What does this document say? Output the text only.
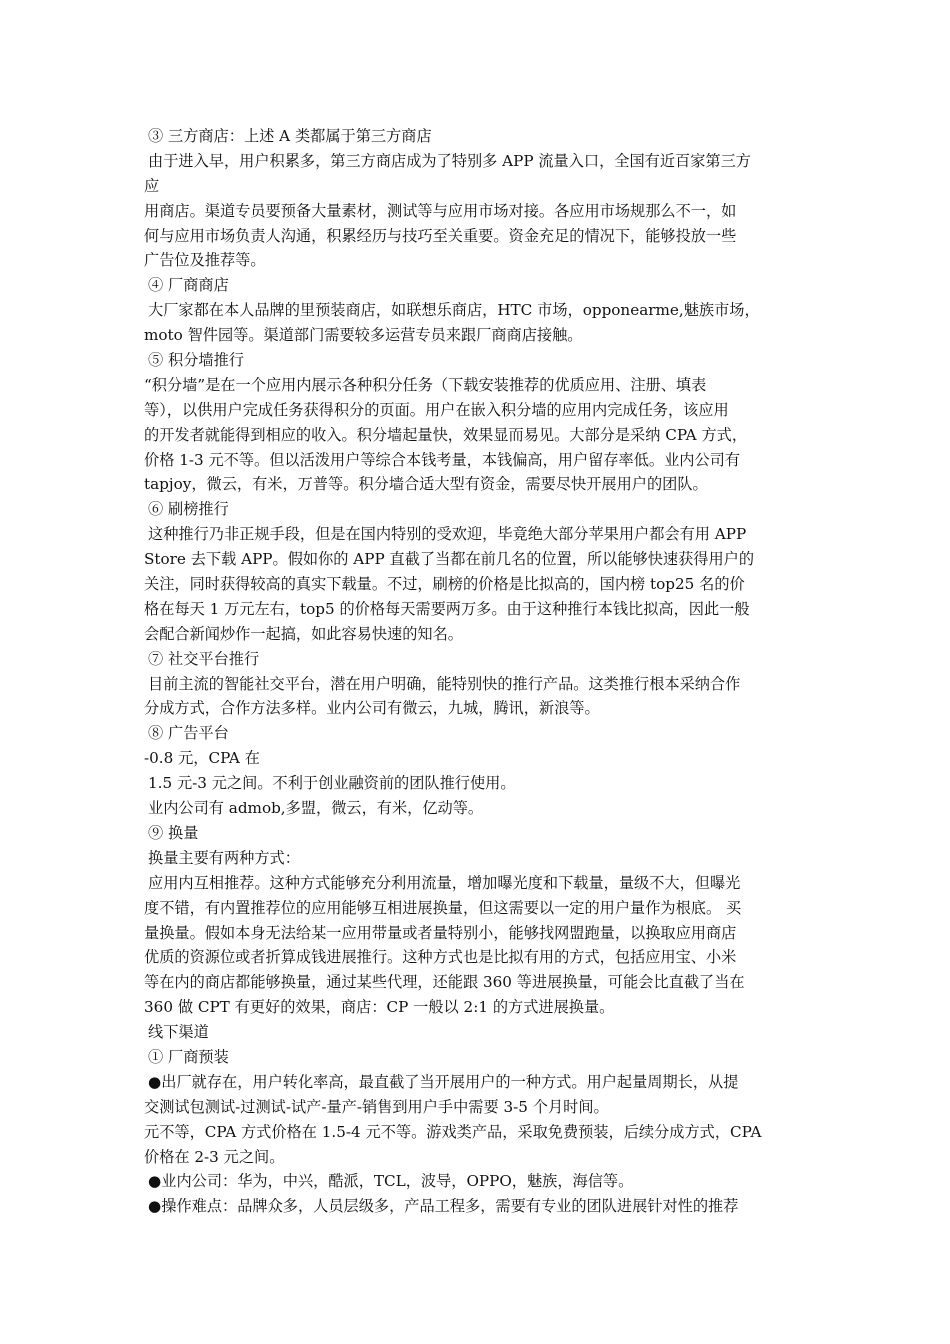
③ 三方商店：上述 A 类都属于第三方商店
由于进入早，用户积累多，第三方商店成为了特别多 APP 流量入口，全国有近百家第三方
应
用商店。渠道专员要预备大量素材，测试等与应用市场对接。各应用市场规那么不一，如
何与应用市场负责人沟通，积累经历与技巧至关重要。资金充足的情况下，能够投放一些
广告位及推荐等。
④ 厂商商店
大厂家都在本人品牌的里预装商店，如联想乐商店，HTC 市场，opponearme,魅族市场，
moto 智件园等。渠道部门需要较多运营专员来跟厂商商店接触。
⑤ 积分墙推行
“积分墙”是在一个应用内展示各种积分任务（下载安装推荐的优质应用、注册、填表
等），以供用户完成任务获得积分的页面。用户在嵌入积分墙的应用内完成任务，该应用
的开发者就能得到相应的收入。积分墙起量快，效果显而易见。大部分是采纳 CPA 方式，
价格 1-3 元不等。但以活泼用户等综合本钱考量，本钱偏高，用户留存率低。业内公司有
tapjoy，微云，有米，万普等。积分墙合适大型有资金，需要尽快开展用户的团队。
⑥ 刷榜推行
这种推行乃非正规手段，但是在国内特别的受欢迎，毕竟绝大部分苹果用户都会有用 APP
Store 去下载 APP。假如你的 APP 直截了当都在前几名的位置，所以能够快速获得用户的
关注，同时获得较高的真实下载量。不过，刷榜的价格是比拟高的，国内榜 top25 名的价
格在每天 1 万元左右，top5 的价格每天需要两万多。由于这种推行本钱比拟高，因此一般
会配合新闻炒作一起搞，如此容易快速的知名。
⑦ 社交平台推行
目前主流的智能社交平台，潜在用户明确，能特别快的推行产品。这类推行根本采纳合作
分成方式，合作方法多样。业内公司有微云，九城，腾讯，新浪等。
⑧ 广告平台
-0.8 元，CPA 在
1.5 元-3 元之间。不利于创业融资前的团队推行使用。
业内公司有 admob,多盟，微云，有米，亿动等。
⑨ 换量
换量主要有两种方式：
应用内互相推荐。这种方式能够充分利用流量，增加曝光度和下载量，量级不大，但曝光
度不错，有内置推荐位的应用能够互相进展换量，但这需要以一定的用户量作为根底。 买
量换量。假如本身无法给某一应用带量或者量特别小，能够找网盟跑量，以换取应用商店
优质的资源位或者折算成钱进展推行。这种方式也是比拟有用的方式，包括应用宝、小米
等在内的商店都能够换量，通过某些代理，还能跟 360 等进展换量，可能会比直截了当在
360 做 CPT 有更好的效果，商店：CP 一般以 2:1 的方式进展换量。
线下渠道
① 厂商预装
●出厂就存在，用户转化率高，最直截了当开展用户的一种方式。用户起量周期长，从提
交测试包测试-过测试-试产-量产-销售到用户手中需要 3-5 个月时间。
元不等，CPA 方式价格在 1.5-4 元不等。游戏类产品，采取免费预装，后续分成方式，CPA
价格在 2-3 元之间。
●业内公司：华为，中兴，酷派，TCL，波导，OPPO，魅族，海信等。
●操作难点：品牌众多，人员层级多，产品工程多，需要有专业的团队进展针对性的推荐
